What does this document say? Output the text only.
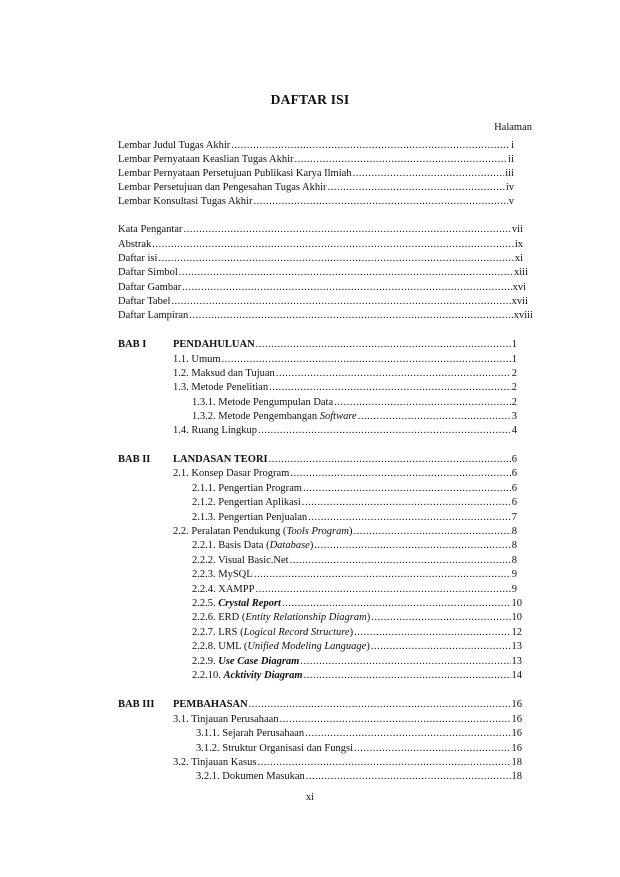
DAFTAR ISI
Halaman
Lembar Judul Tugas Akhir .....	i
Lembar Pernyataan Keaslian Tugas Akhir .....	ii
Lembar Pernyataan Persetujuan Publikasi Karya Ilmiah .....	iii
Lembar Persetujuan dan Pengesahan Tugas Akhir .....	iv
Lembar Konsultasi Tugas Akhir .....	v
Kata Pengantar .....	vii
Abstrak .....	ix
Daftar isi .....	xi
Daftar Simbol .....	xiii
Daftar Gambar .....	xvi
Daftar Tabel .....	xvii
Daftar Lampiran .....	xviii
BAB I	PENDAHULUAN .....	1
1.1. Umum .....	1
1.2. Maksud dan Tujuan .....	2
1.3. Metode Penelitian .....	2
1.3.1. Metode Pengumpulan Data .....	2
1.3.2. Metode Pengembangan Software .....	3
1.4. Ruang Lingkup .....	4
BAB II LANDASAN TEORI .....	6
2.1. Konsep Dasar Program .....	6
2.1.1. Pengertian Program .....	6
2.1.2. Pengertian Aplikasi .....	6
2.1.3. Pengertian Penjualan .....	7
2.2. Peralatan Pendukung (Tools Program) .....	8
2.2.1. Basis Data (Database) .....	8
2.2.2. Visual Basic.Net .....	8
2.2.3. MySQL .....	9
2.2.4. XAMPP .....	9
2.2.5. Crystal Report .....	10
2.2.6. ERD (Entity Relationship Diagram) .....	10
2.2.7. LRS (Logical Record Structure) .....	12
2.2.8. UML (Unified Modeling Language) .....	13
2.2.9. Use Case Diagram .....	13
2.2.10. Acktivity Diagram .....	14
BAB III PEMBAHASAN .....	16
3.1. Tinjauan Perusahaan .....	16
3.1.1. Sejarah Perusahaan .....	16
3.1.2. Struktur Organisasi dan Fungsi .....	16
3.2. Tinjauan Kasus .....	18
3.2.1. Dokumen Masukan .....	18
xi
